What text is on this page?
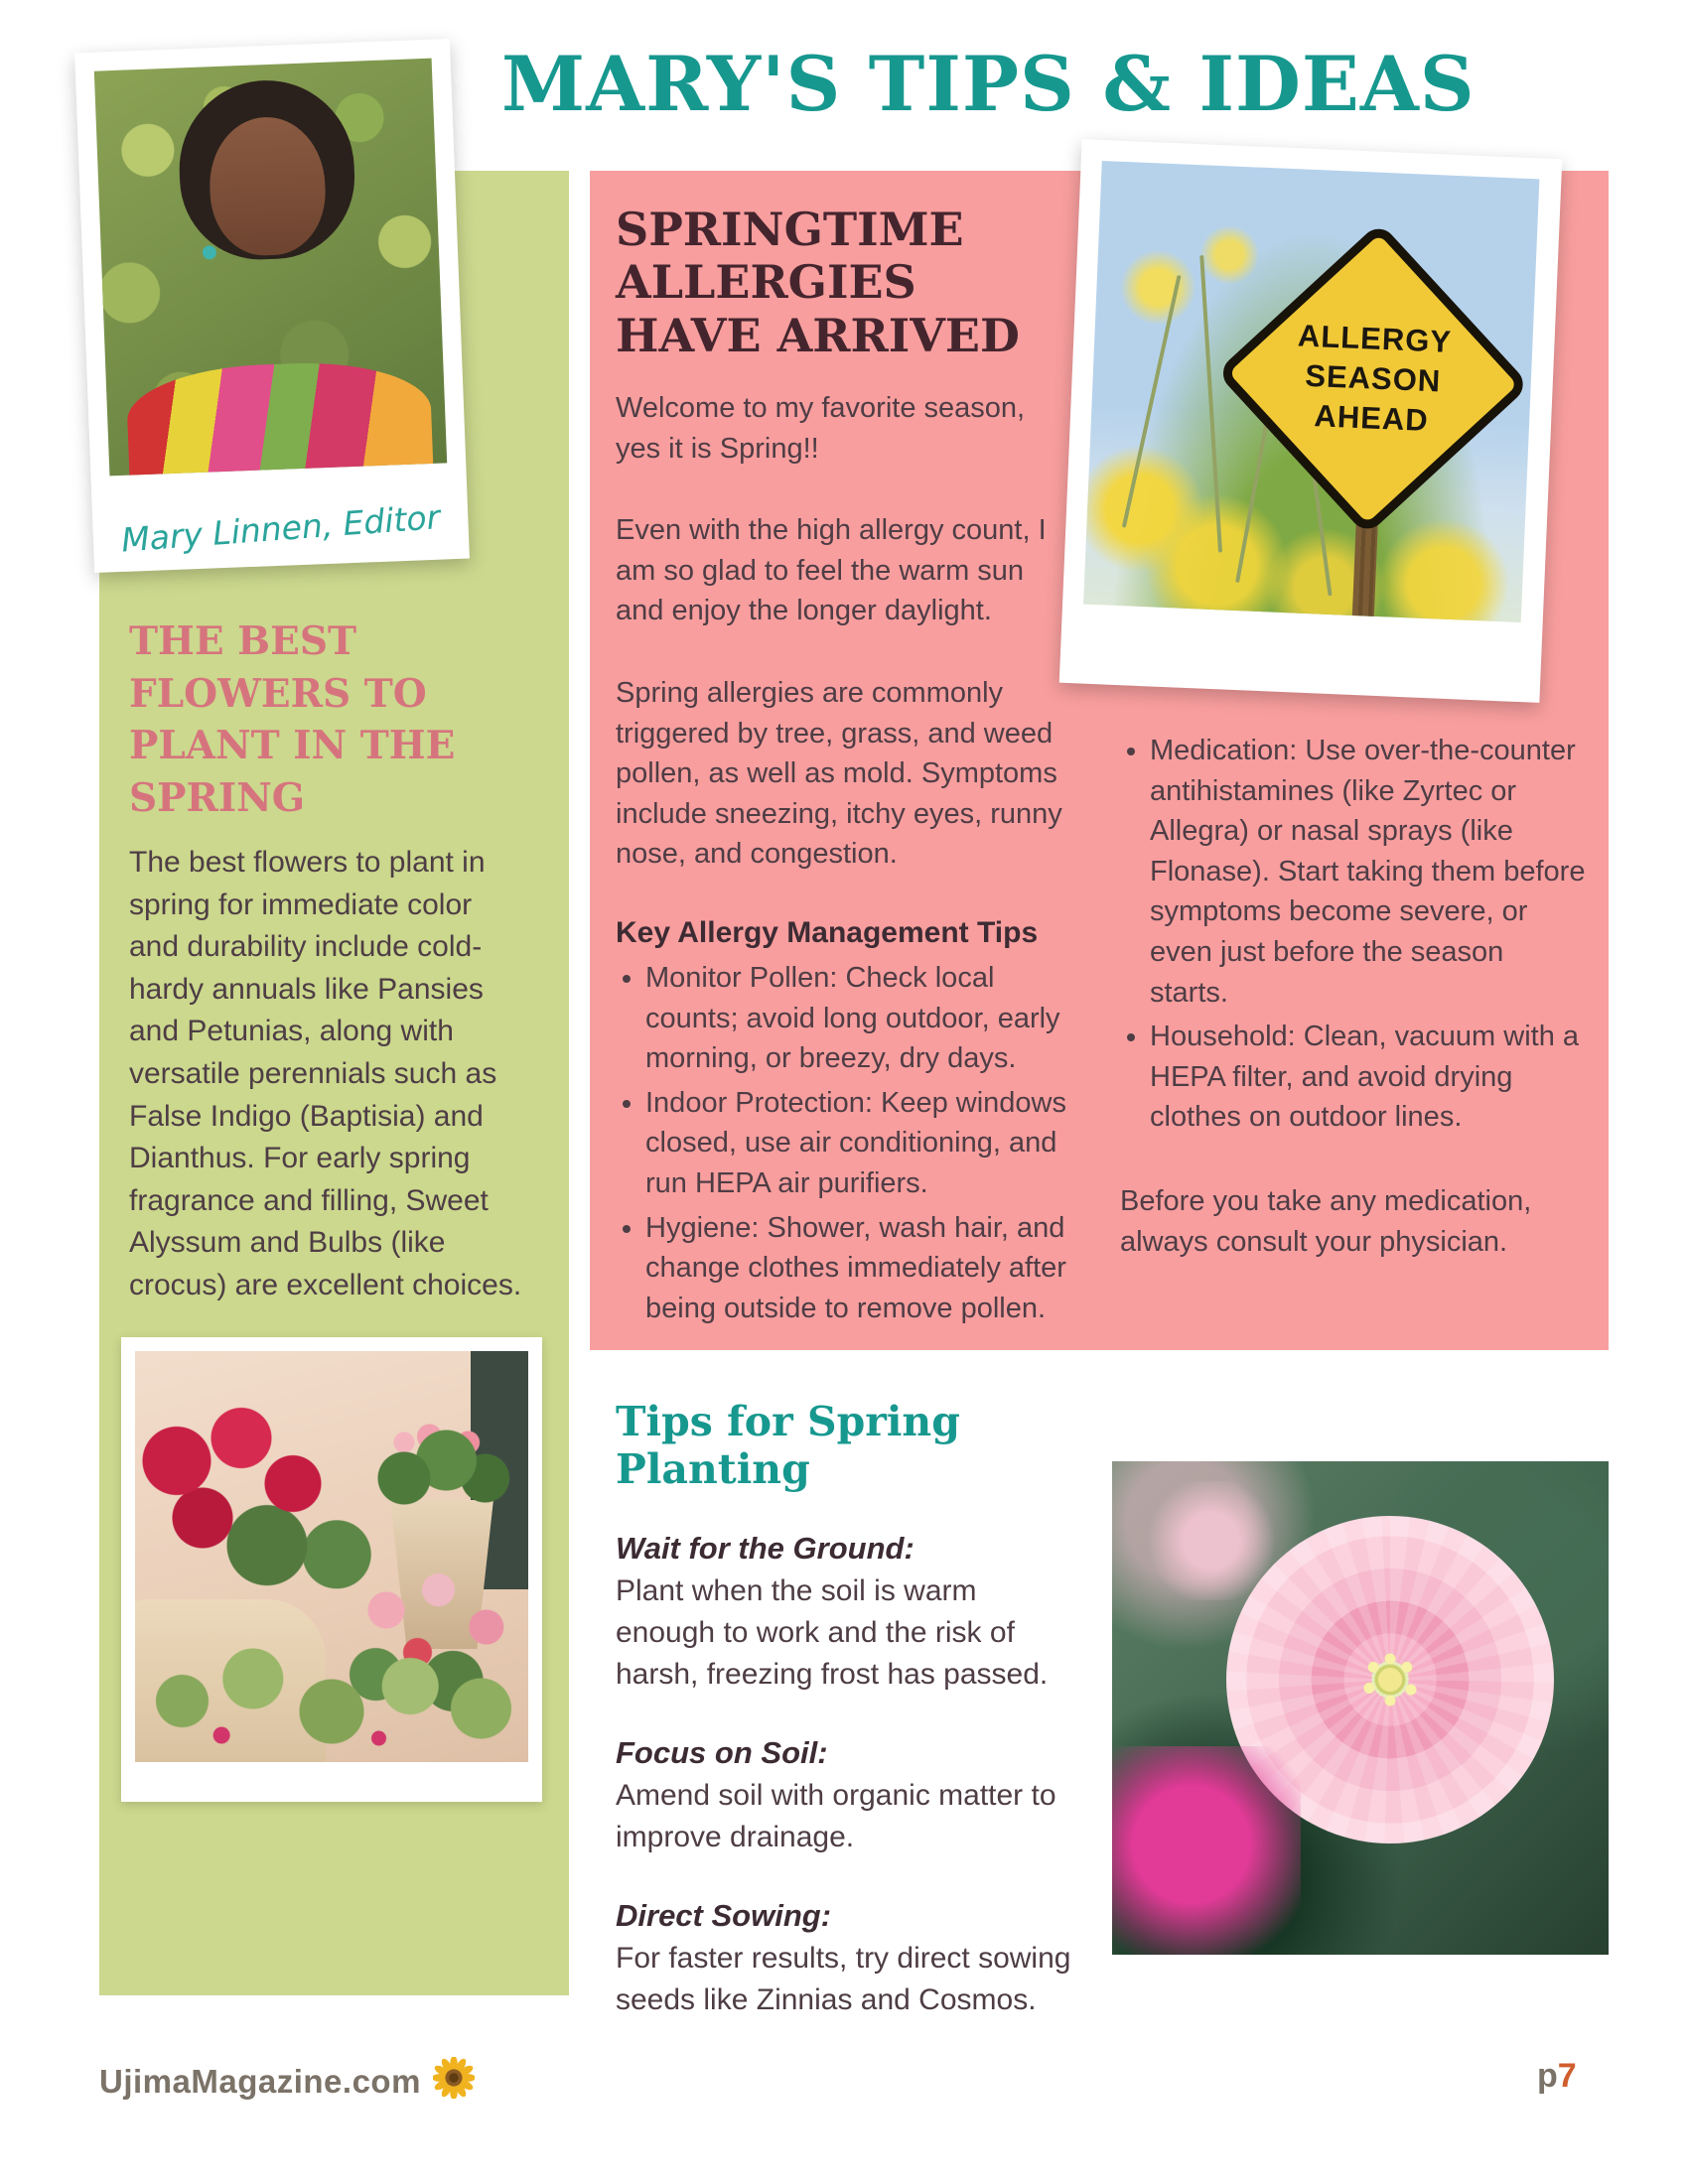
MARY'S TIPS & IDEAS
Mary Linnen, Editor
ALLERGY
SEASON
AHEAD
THE BEST FLOWERS TO PLANT IN THE SPRING
The best flowers to plant in spring for immediate color and durability include cold-hardy annuals like Pansies and Petunias, along with versatile perennials such as False Indigo (Baptisia) and Dianthus. For early spring fragrance and filling, Sweet Alyssum and Bulbs (like crocus) are excellent choices.
SPRINGTIME ALLERGIES HAVE ARRIVED

Welcome to my favorite season, yes it is Spring!!

Even with the high allergy count, I am so glad to feel the warm sun and enjoy the longer daylight.

Spring allergies are commonly triggered by tree, grass, and weed pollen, as well as mold. Symptoms include sneezing, itchy eyes, runny nose, and congestion.

Key Allergy Management Tips

• Monitor Pollen: Check local counts; avoid long outdoor, early morning, or breezy, dry days.
• Indoor Protection: Keep windows closed, use air conditioning, and run HEPA air purifiers.
• Hygiene: Shower, wash hair, and change clothes immediately after being outside to remove pollen.
• Medication: Use over-the-counter antihistamines (like Zyrtec or Allegra) or nasal sprays (like Flonase). Start taking them before symptoms become severe, or even just before the season starts.
• Household: Clean, vacuum with a HEPA filter, and avoid drying clothes on outdoor lines.

Before you take any medication, always consult your physician.

Tips for Spring Planting

Wait for the Ground:

Plant when the soil is warm enough to work and the risk of harsh, freezing frost has passed.

Focus on Soil:

Amend soil with organic matter to improve drainage.

Direct Sowing:

For faster results, try direct sowing seeds like Zinnias and Cosmos.

UjimaMagazine.com	p7
